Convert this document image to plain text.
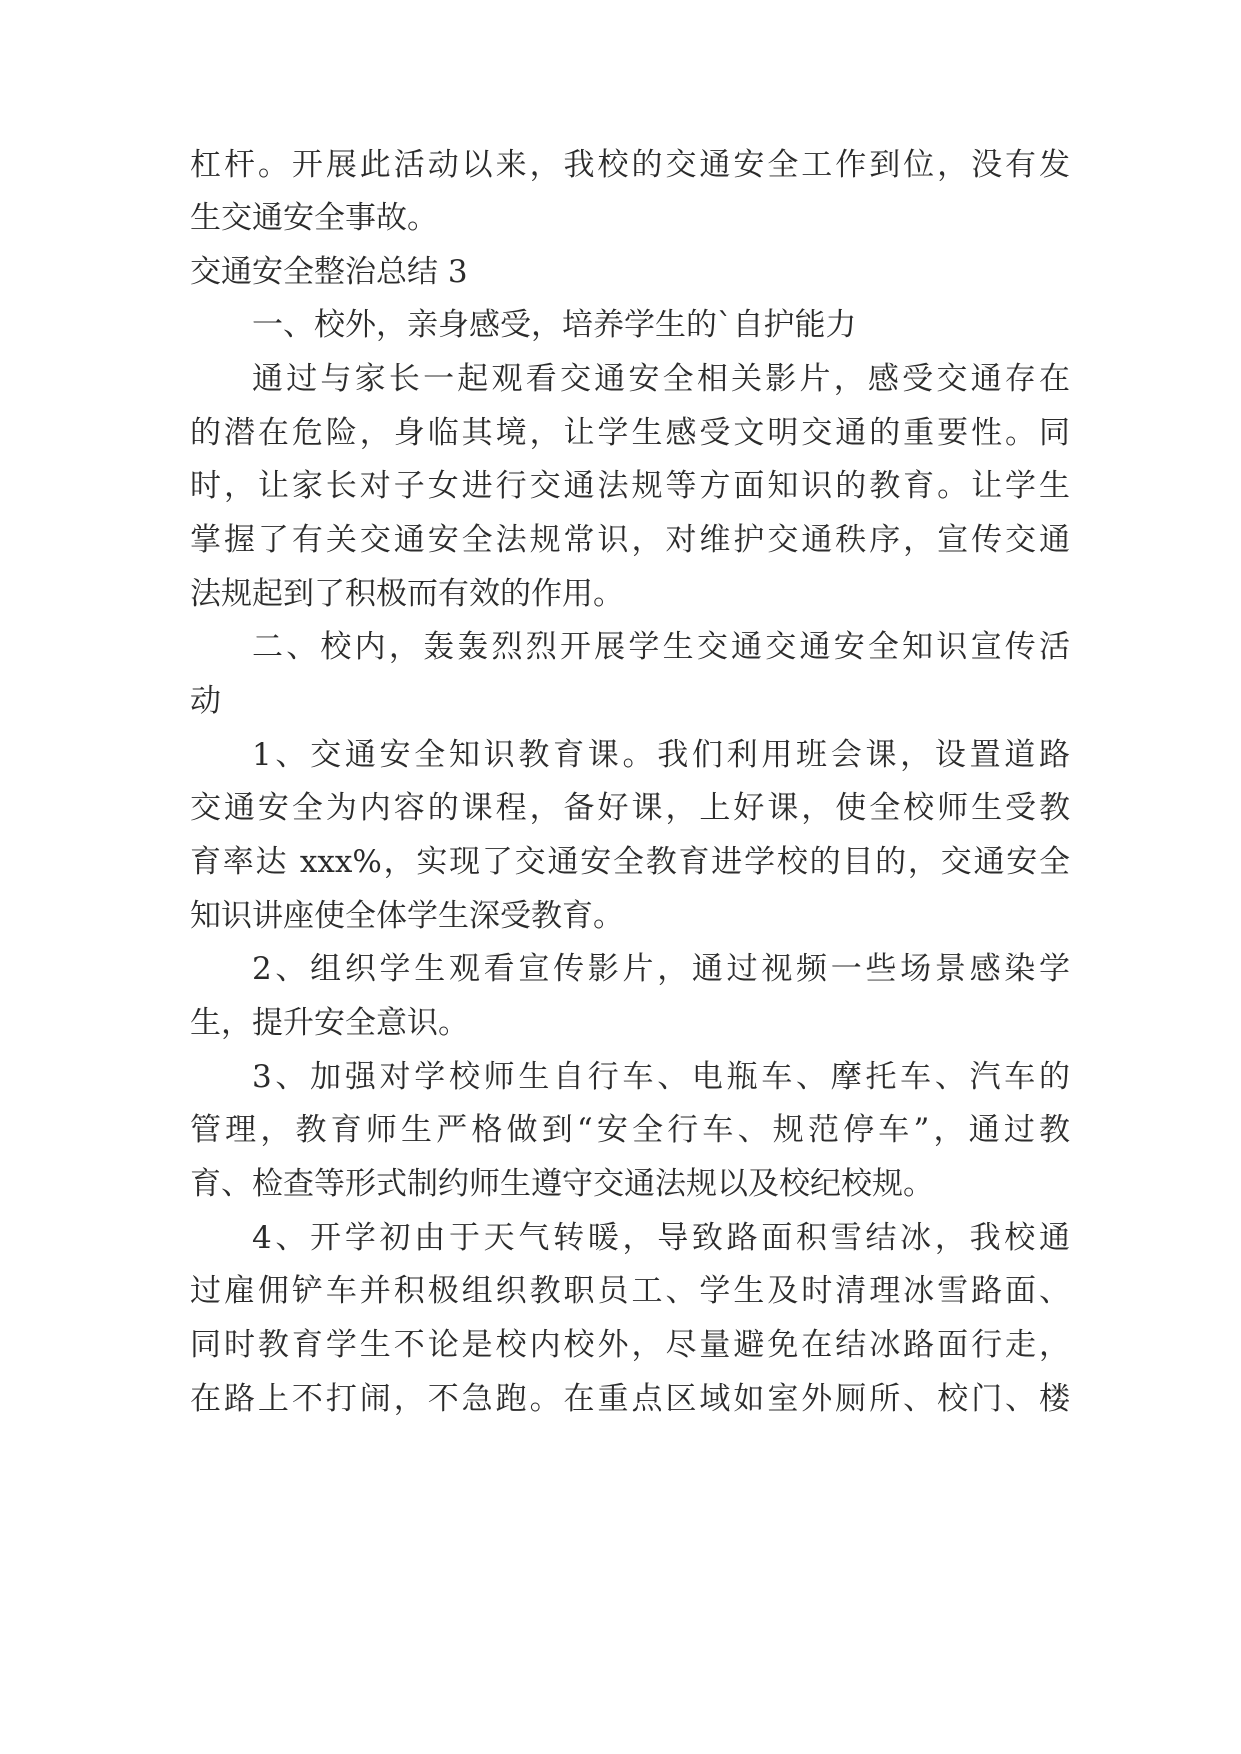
杠杆。开展此活动以来，我校的交通安全工作到位，没有发
生交通安全事故。
交通安全整治总结 3
一、校外，亲身感受，培养学生的`自护能力
通过与家长一起观看交通安全相关影片，感受交通存在
的潜在危险，身临其境，让学生感受文明交通的重要性。同
时，让家长对子女进行交通法规等方面知识的教育。让学生
掌握了有关交通安全法规常识，对维护交通秩序，宣传交通
法规起到了积极而有效的作用。
二、校内，轰轰烈烈开展学生交通交通安全知识宣传活
动
1、交通安全知识教育课。我们利用班会课，设置道路
交通安全为内容的课程，备好课，上好课，使全校师生受教
育率达 xxx%，实现了交通安全教育进学校的目的，交通安全
知识讲座使全体学生深受教育。
2、组织学生观看宣传影片，通过视频一些场景感染学
生，提升安全意识。
3、加强对学校师生自行车、电瓶车、摩托车、汽车的
管理，教育师生严格做到“安全行车、规范停车”，通过教
育、检查等形式制约师生遵守交通法规以及校纪校规。
4、开学初由于天气转暖，导致路面积雪结冰，我校通
过雇佣铲车并积极组织教职员工、学生及时清理冰雪路面、
同时教育学生不论是校内校外，尽量避免在结冰路面行走，
在路上不打闹，不急跑。在重点区域如室外厕所、校门、楼
